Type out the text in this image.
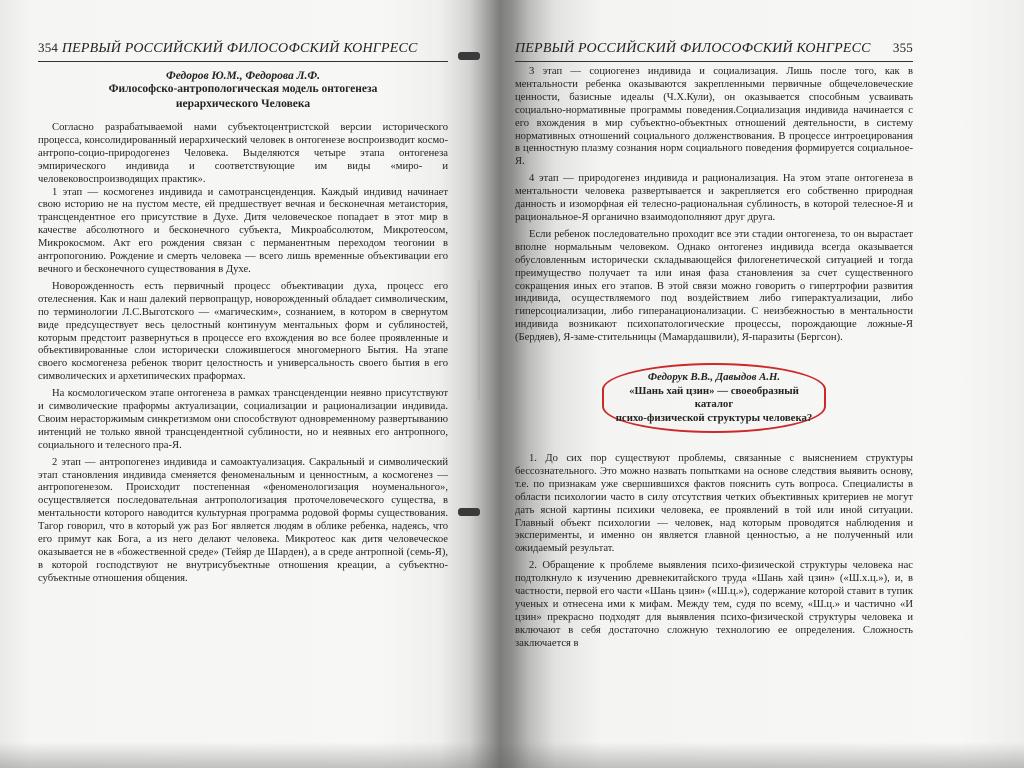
354 ПЕРВЫЙ РОССИЙСКИЙ ФИЛОСОФСКИЙ КОНГРЕСС
Федоров Ю.М., Федорова Л.Ф.
Философско-антропологическая модель онтогенеза
иерархического Человека

Согласно разрабатываемой нами субъектоцентристской версии исторического процесса, консолидированный иерархический человек в онтогенезе воспроизводит космо-антропо-социо-природогенез Человека. Выделяются четыре этапа онтогенеза эмпирического индивида и соответствующие им виды «миро- и человековоспроизводящих практик».

1 этап — космогенез индивида и самотрансценденция. Каждый индивид начинает свою историю не на пустом месте, ей предшествует вечная и бесконечная метаистория, трансцендентное его присутствие в Духе. Дитя человеческое попадает в этот мир в качестве абсолютного и бесконечного субъекта, Микроабсолютом, Микротеосом, Микрокосмом. Акт его рождения связан с перманентным переходом теогонии в антропогонию. Рождение и смерть человека — всего лишь временные объективации его вечного и бесконечного существования в Духе.

Новорожденность есть первичный процесс объективации духа, процесс его отелеснения. Как и наш далекий первопращур, новорожденный обладает символическим, по терминологии Л.С.Выготского — «магическим», сознанием, в котором в свернутом виде предсуществует весь целостный континуум ментальных форм и сублиностей, которым предстоит развернуться в процессе его вхождения во все более проявленные и объективированные слои исторически сложившегося многомерного Бытия. На этапе своего космогенеза ребенок творит целостность и универсальность своего бытия в его символических и архетипических праформах.

На космологическом этапе онтогенеза в рамках трансценденции неявно присутствуют и символические праформы актуализации, социализации и рационализации индивида. Своим нерасторжимым синкретизмом они способствуют одновременному развертыванию интенций не только явной трансцендентной сублиности, но и неявных его антропного, социального и телесного пра-Я.

2 этап — антропогенез индивида и самоактуализация. Сакральный и символический этап становления индивида сменяется феноменальным и ценностным, а космогенез — антропогенезом. Происходит постепенная «феноменологизация ноуменального», осуществляется последовательная антропологизация проточеловеческого существа, в ментальности которого наводится культурная программа родовой формы существования. Тагор говорил, что в который уж раз Бог является людям в облике ребенка, надеясь, что его примут как Бога, а из него делают человека. Микротеос как дитя человеческое оказывается не в «божественной среде» (Тейяр де Шарден), а в среде антропной (семь-Я), в которой господствуют не внутрисубъектные отношения креации, а субъектно-субъектные отношения общения.

ПЕРВЫЙ РОССИЙСКИЙ ФИЛОСОФСКИЙ КОНГРЕСС 355

3 этап — социогенез индивида и социализация. Лишь после того, как в ментальности ребенка оказываются закрепленными первичные общечеловеческие ценности, базисные идеалы (Ч.Х.Кули), он оказывается способным усваивать социально-нормативные программы поведения.Социализация индивида начинается с его вхождения в мир субъектно-объектных отношений деятельности, в систему нормативных отношений социального долженствования. В процессе интроецирования в ценностную плазму сознания норм социального поведения формируется социальное-Я.

4 этап — природогенез индивида и рационализация. На этом этапе онтогенеза в ментальности человека развертывается и закрепляется его собственно природная данность и изоморфная ей телесно-рациональная сублиность, в которой телесное-Я и рациональное-Я органично взаимодополняют друг друга.

Если ребенок последовательно проходит все эти стадии онтогенеза, то он вырастает вполне нормальным человеком. Однако онтогенез индивида всегда оказывается обусловленным исторически складывающейся филогенетической ситуацией и тогда преимущество получает та или иная фаза становления за счет существенного сокращения иных его этапов. В этой связи можно говорить о гипертрофии развития индивида, осуществляемого под воздействием либо гиперактуализации, либо гиперсоциализации, либо гиперанационализации. С неизбежностью в ментальности индивида возникают психопатологические процессы, порождающие ложные-Я (Бердяев), Я-заме-стительницы (Мамардашвили), Я-паразиты (Бергсон).

Федорук В.В., Давыдов А.Н.
«Шань хай цзин» — своеобразный каталог
психо-физической структуры человека?

1. До сих пор существуют проблемы, связанные с выяснением структуры бессознательного. Это можно назвать попытками на основе следствия выявить основу, т.е. по признакам уже свершившихся фактов пояснить суть вопроса. Специалисты в области психологии часто в силу отсутствия четких объективных критериев не могут дать ясной картины психики человека, ее проявлений в той или иной ситуации. Главный объект психологии — человек, над которым проводятся наблюдения и эксперименты, и именно он является главной ценностью, а не полученный или ожидаемый результат.

2. Обращение к проблеме выявления психо-физической структуры человека нас подтолкнуло к изучению древнекитайского труда «Шань хай цзин» («Ш.х.ц.»), и, в частности, первой его части «Шань цзин» («Ш.ц.»), содержание которой ставит в тупик ученых и отнесена ими к мифам. Между тем, судя по всему, «Ш.ц.» и частично «И цзин» прекрасно подходят для выявления психо-физической структуры человека и включают в себя достаточно сложную технологию ее определения. Сложность заключается в
